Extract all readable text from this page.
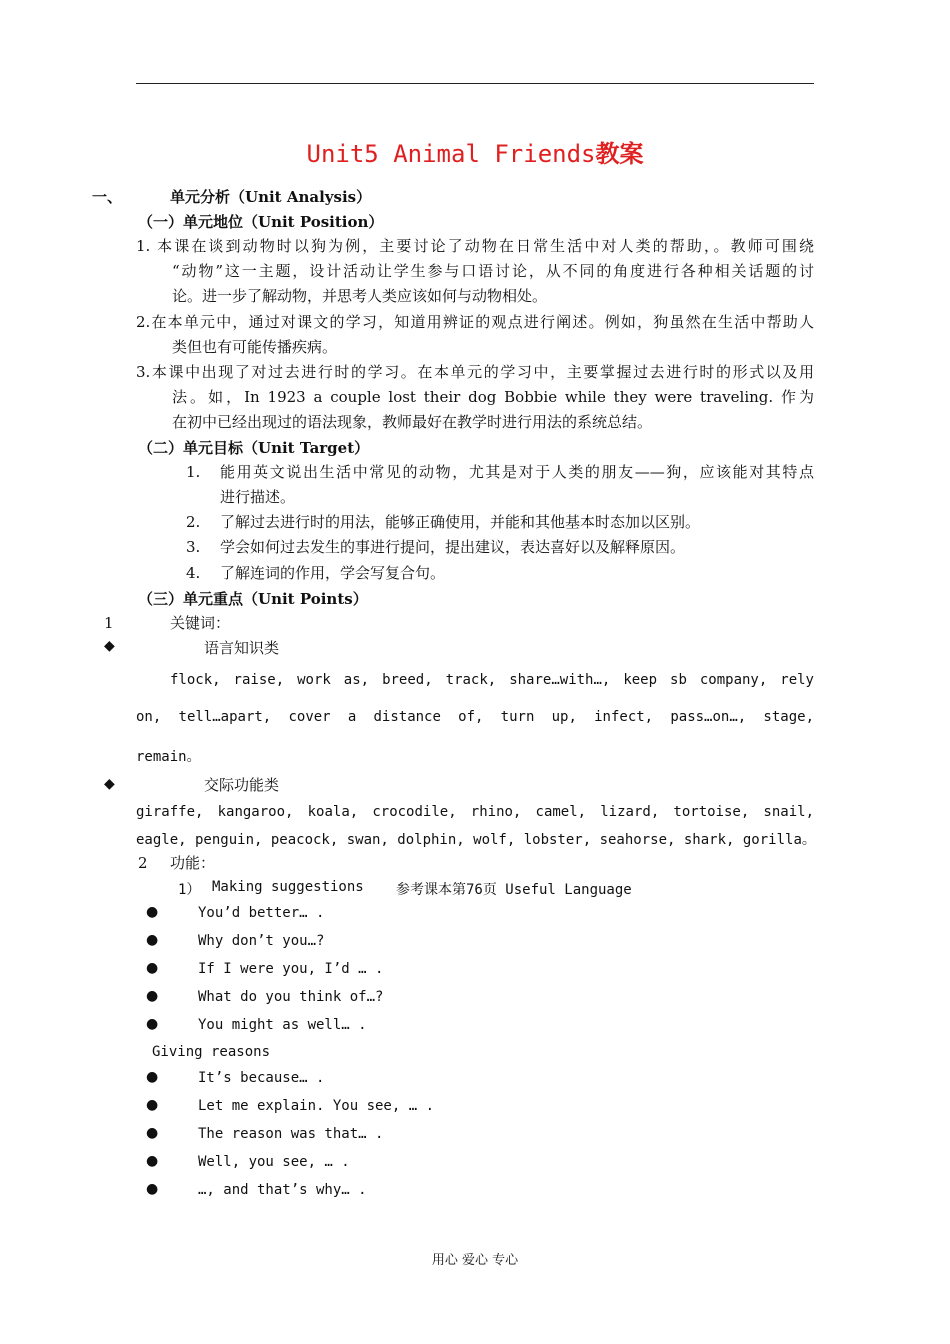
Unit5 Animal Friends教案
一、	单元分析（Unit Analysis）
（一）单元地位（Unit Position）
1. 本课在谈到动物时以狗为例，主要讨论了动物在日常生活中对人类的帮助，。教师可围绕
“动物”这一主题，设计活动让学生参与口语讨论，从不同的角度进行各种相关话题的讨
论。进一步了解动物，并思考人类应该如何与动物相处。
2.在本单元中，通过对课文的学习，知道用辨证的观点进行阐述。例如，狗虽然在生活中帮助人
类但也有可能传播疾病。
3.本课中出现了对过去进行时的学习。在本单元的学习中，主要掌握过去进行时的形式以及用
法。如，In 1923 a couple lost their dog Bobbie while they were traveling. 作为
在初中已经出现过的语法现象，教师最好在教学时进行用法的系统总结。
（二）单元目标（Unit Target）
1. 能用英文说出生活中常见的动物，尤其是对于人类的朋友——狗，应该能对其特点
进行描述。
2. 了解过去进行时的用法，能够正确使用，并能和其他基本时态加以区别。
3. 学会如何过去发生的事进行提问，提出建议，表达喜好以及解释原因。
4. 了解连词的作用，学会写复合句。
（三）单元重点（Unit Points）
1	关键词：
◆	语言知识类
flock, raise, work as, breed, track, share…with…, keep sb company, rely
on, tell…apart, cover a distance of, turn up, infect, pass…on…, stage,
remain。
◆	交际功能类
giraffe, kangaroo, koala, crocodile, rhino, camel, lizard, tortoise, snail,
eagle, penguin, peacock, swan, dolphin, wolf, lobster, seahorse, shark, gorilla。
2 功能：
1） Making suggestions 参考课本第76页 Useful Language
●	You’d better… .
●	Why don’t you…?
●	If I were you, I’d … .
●	What do you think of…?
●	You might as well… .
Giving reasons
●	It’s because… .
●	Let me explain. You see, … .
●	The reason was that… .
●	Well, you see, … .
●	…, and that’s why… .
用心 爱心 专心
